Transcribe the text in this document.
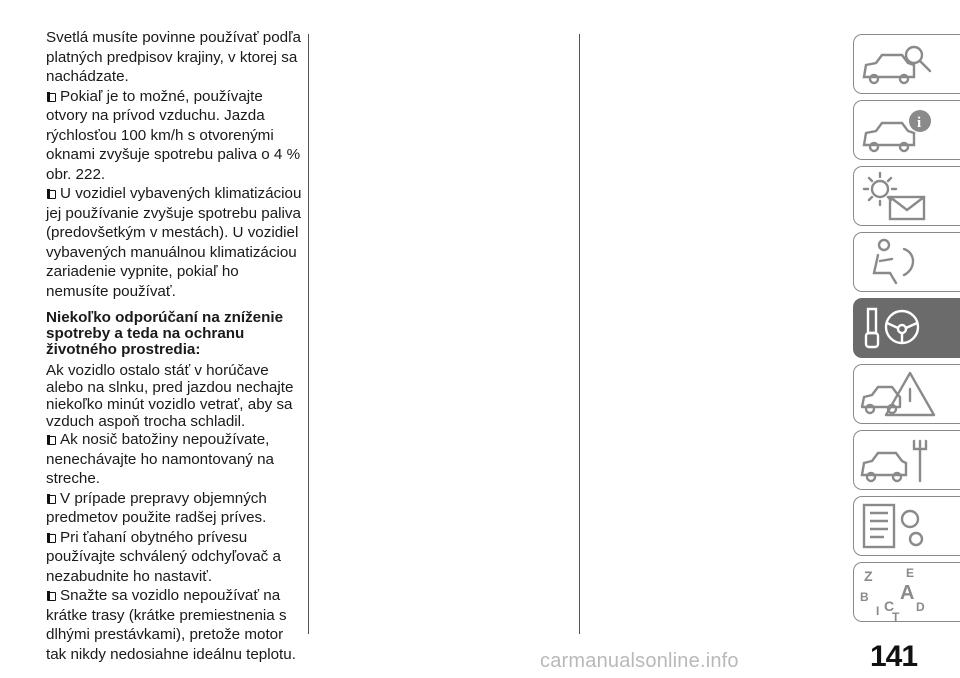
Svetlá musíte povinne používať podľa platných predpisov krajiny, v ktorej sa nachádzate.

Pokiaľ je to možné, používajte otvory na prívod vzduchu. Jazda rýchlosťou 100 km/h s otvorenými oknami zvyšuje spotrebu paliva o 4 % obr. 222.

U vozidiel vybavených klimatizáciou jej používanie zvyšuje spotrebu paliva (predovšetkým v mestách). U vozidiel vybavených manuálnou klimatizáciou zariadenie vypnite, pokiaľ ho nemusíte používať.

Niekoľko odporúčaní na zníženie spotreby a teda na ochranu životného prostredia:

Ak vozidlo ostalo stáť v horúčave alebo na slnku, pred jazdou nechajte niekoľko minút vozidlo vetrať, aby sa vzduch aspoň trocha schladil.

Ak nosič batožiny nepoužívate, nenechávajte ho namontovaný na streche.

V prípade prepravy objemných predmetov použite radšej príves.

Pri ťahaní obytného prívesu používajte schválený odchyľovač a nezabudnite ho nastaviť.

Snažte sa vozidlo nepoužívať na krátke trasy (krátke premiestnenia s dlhými prestávkami), pretože motor tak nikdy nedosiahne ideálnu teplotu.

i
Z	E
B A
I C D
T
carmanualsonline.info	141
